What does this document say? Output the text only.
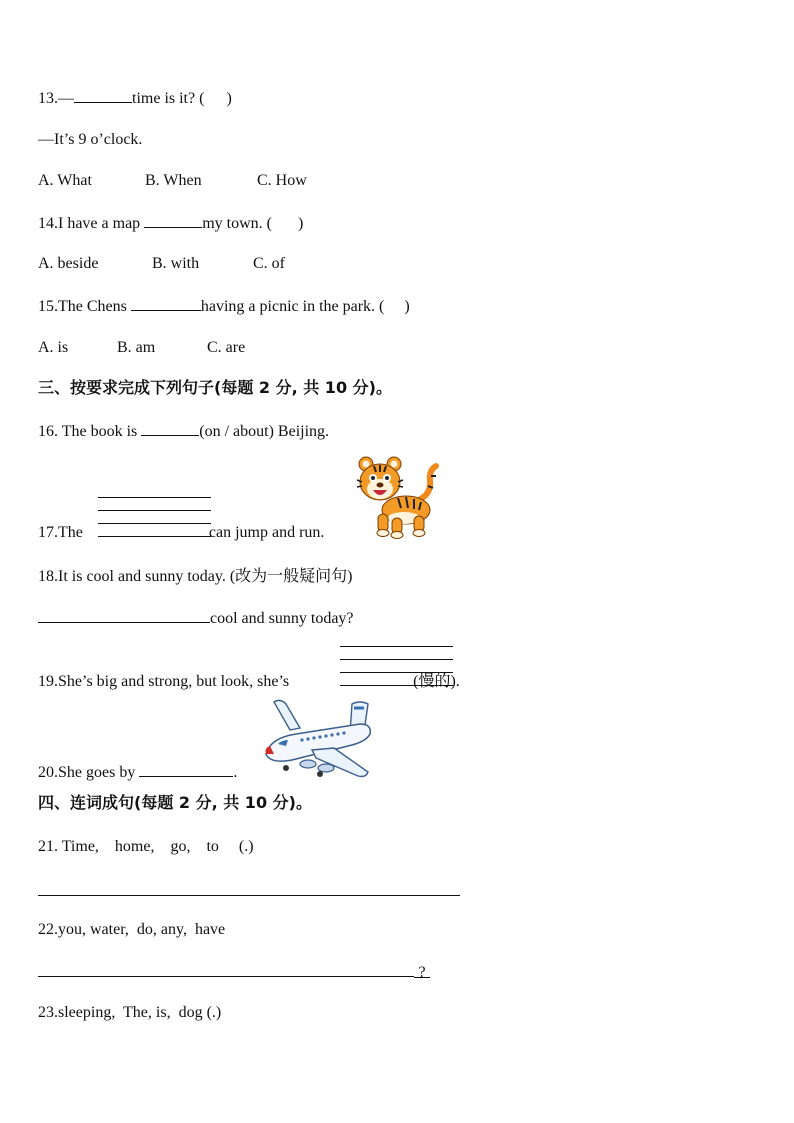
13.—	time is it? ( )
—It’s 9 o’clock.
A. What	B. When	C. How
14.I have a map	my town. ( )
A. beside	B. with	C. of
15.The Chens	having a picnic in the park. ( )
A. is	B. am	C. are
三、按要求完成下列句子(每题 2 分, 共 10 分)。
16. The book is	(on / about) Beijing.
17.The	can jump and run.
18.It is cool and sunny today. (改为一般疑问句)
cool and sunny today?
19.She’s big and strong, but look, she’s	(慢的).
20.She goes by	.
四、连词成句(每题 2 分, 共 10 分)。
21. Time,    home,    go,    to     (.)
22.you, water,  do, any,  have
?
23.sleeping,  The, is,  dog (.)
